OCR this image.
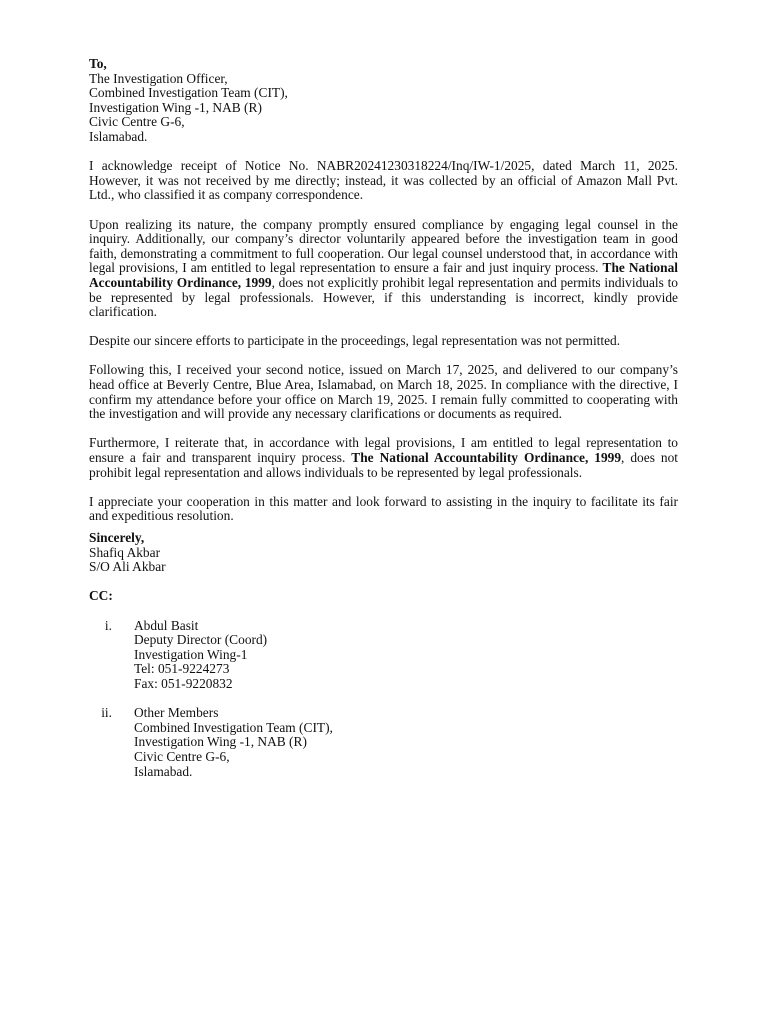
To,
The Investigation Officer,
Combined Investigation Team (CIT),
Investigation Wing -1, NAB (R)
Civic Centre G-6,
Islamabad.

I acknowledge receipt of Notice No. NABR20241230318224/Inq/IW-1/2025, dated March 11, 2025. However, it was not received by me directly; instead, it was collected by an official of Amazon Mall Pvt. Ltd., who classified it as company correspondence.

Upon realizing its nature, the company promptly ensured compliance by engaging legal counsel in the inquiry. Additionally, our company’s director voluntarily appeared before the investigation team in good faith, demonstrating a commitment to full cooperation. Our legal counsel understood that, in accordance with legal provisions, I am entitled to legal representation to ensure a fair and just inquiry process. The National Accountability Ordinance, 1999, does not explicitly prohibit legal representation and permits individuals to be represented by legal professionals. However, if this understanding is incorrect, kindly provide clarification.

Despite our sincere efforts to participate in the proceedings, legal representation was not permitted.

Following this, I received your second notice, issued on March 17, 2025, and delivered to our company’s head office at Beverly Centre, Blue Area, Islamabad, on March 18, 2025. In compliance with the directive, I confirm my attendance before your office on March 19, 2025. I remain fully committed to cooperating with the investigation and will provide any necessary clarifications or documents as required.

Furthermore, I reiterate that, in accordance with legal provisions, I am entitled to legal representation to ensure a fair and transparent inquiry process. The National Accountability Ordinance, 1999, does not prohibit legal representation and allows individuals to be represented by legal professionals.

I appreciate your cooperation in this matter and look forward to assisting in the inquiry to facilitate its fair and expeditious resolution.

Sincerely,
Shafiq Akbar
S/O Ali Akbar
CC:
i. Abdul Basit
Deputy Director (Coord)
Investigation Wing-1
Tel: 051-9224273
Fax: 051-9220832
ii. Other Members
Combined Investigation Team (CIT),
Investigation Wing -1, NAB (R)
Civic Centre G-6,
Islamabad.
